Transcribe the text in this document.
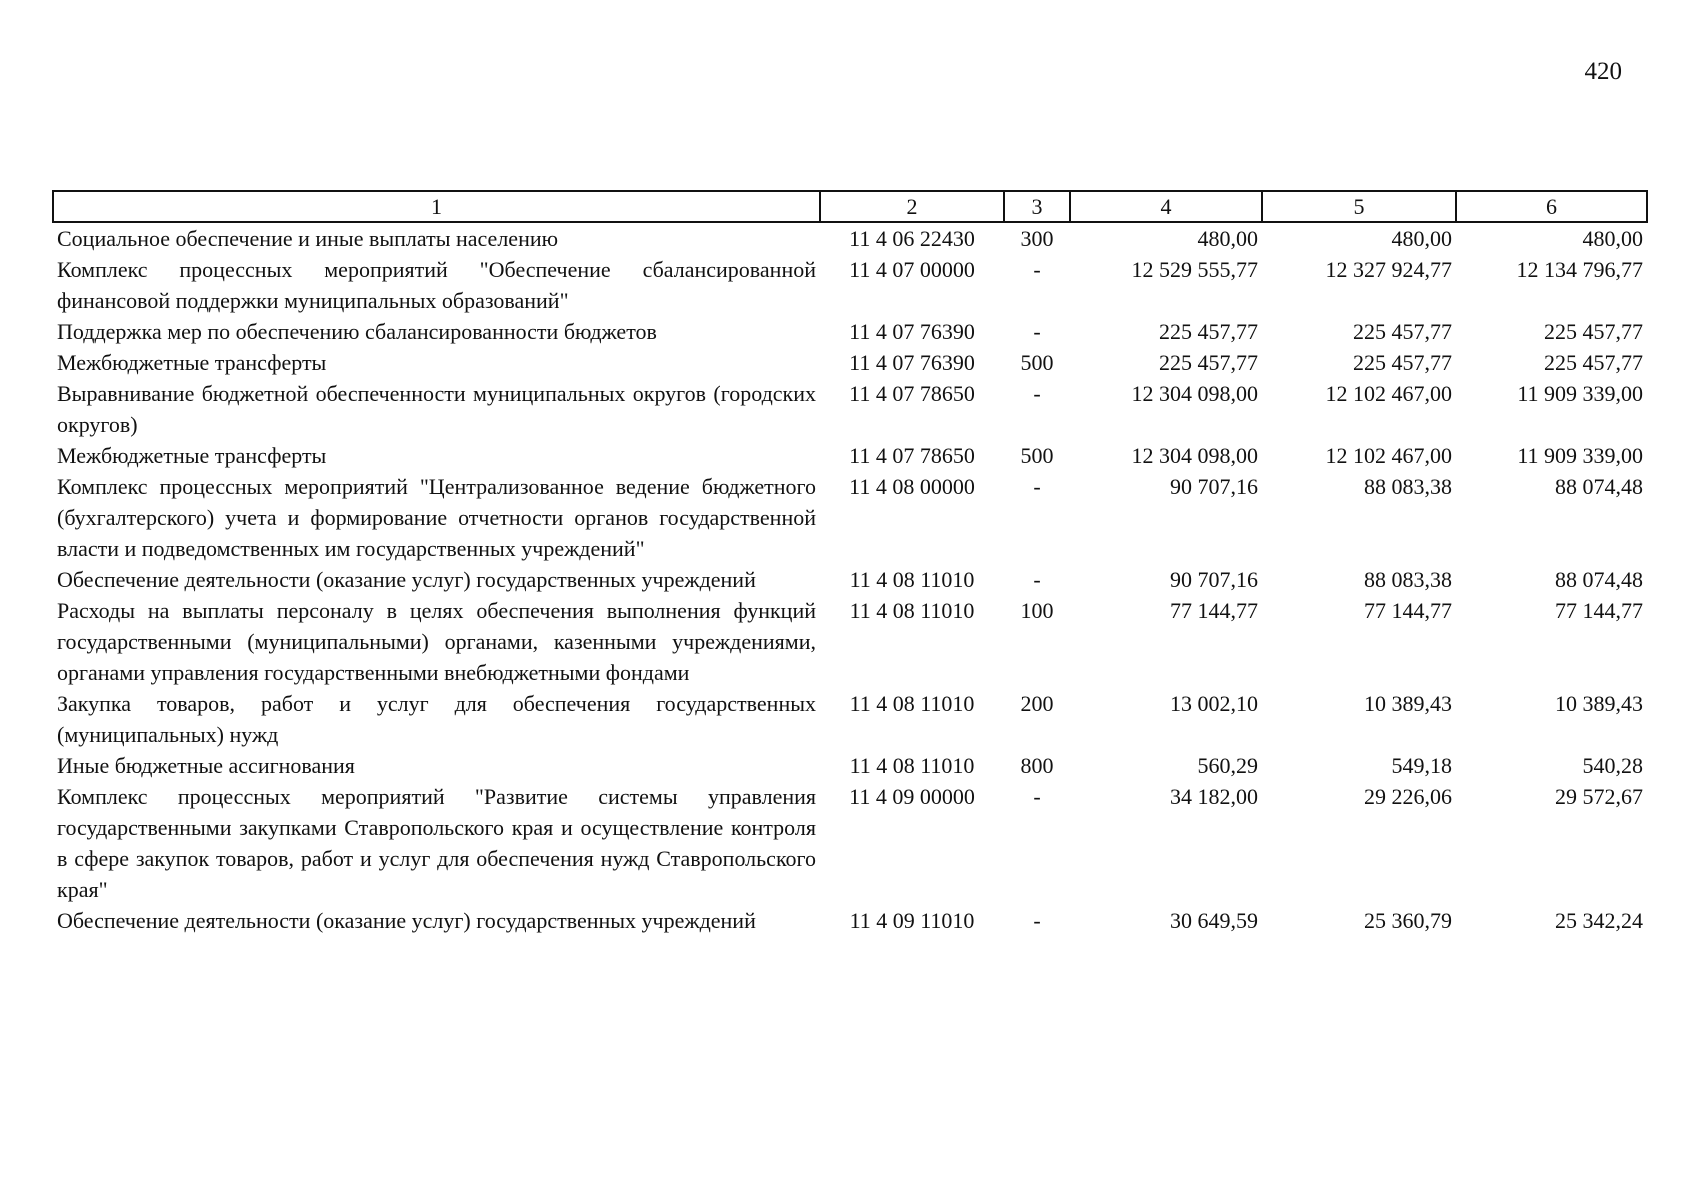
420
1	2	3	4	5	6
Социальное обеспечение и иные выплаты населению	11 4 06 22430	300	480,00	480,00	480,00
Комплекс процессных мероприятий "Обеспечение сбалансированной финансовой поддержки муниципальных образований"	11 4 07 00000	-	12 529 555,77	12 327 924,77	12 134 796,77
Поддержка мер по обеспечению сбалансированности бюджетов	11 4 07 76390	-	225 457,77	225 457,77	225 457,77
Межбюджетные трансферты	11 4 07 76390	500	225 457,77	225 457,77	225 457,77
Выравнивание бюджетной обеспеченности муниципальных округов (городских округов)	11 4 07 78650	-	12 304 098,00	12 102 467,00	11 909 339,00
Межбюджетные трансферты	11 4 07 78650	500	12 304 098,00	12 102 467,00	11 909 339,00
Комплекс процессных мероприятий "Централизованное ведение бюджетного (бухгалтерского) учета и формирование отчетности органов государственной власти и подведомственных им государственных учреждений"	11 4 08 00000	-	90 707,16	88 083,38	88 074,48
Обеспечение деятельности (оказание услуг) государственных учреждений	11 4 08 11010	-	90 707,16	88 083,38	88 074,48
Расходы на выплаты персоналу в целях обеспечения выполнения функций государственными (муниципальными) органами, казенными учреждениями, органами управления государственными внебюджетными фондами	11 4 08 11010	100	77 144,77	77 144,77	77 144,77
Закупка товаров, работ и услуг для обеспечения государственных (муниципальных) нужд	11 4 08 11010	200	13 002,10	10 389,43	10 389,43
Иные бюджетные ассигнования	11 4 08 11010	800	560,29	549,18	540,28
Комплекс процессных мероприятий "Развитие системы управления государственными закупками Ставропольского края и осуществление контроля в сфере закупок товаров, работ и услуг для обеспечения нужд Ставропольского края"	11 4 09 00000	-	34 182,00	29 226,06	29 572,67
Обеспечение деятельности (оказание услуг) государственных учреждений	11 4 09 11010	-	30 649,59	25 360,79	25 342,24
